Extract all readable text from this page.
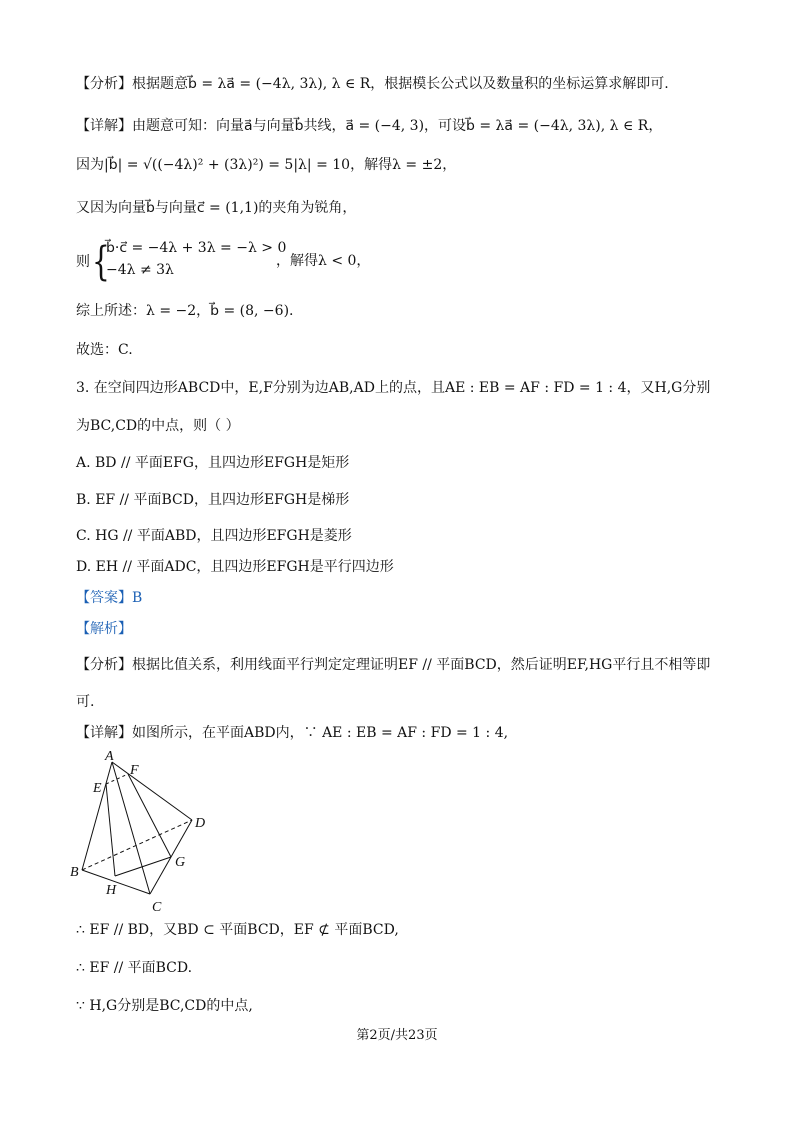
【分析】根据题意b⃗ = λa⃗ = (−4λ, 3λ), λ ∈ R，根据模长公式以及数量积的坐标运算求解即可.
【详解】由题意可知：向量a⃗与向量b⃗共线，a⃗ = (−4, 3)，可设b⃗ = λa⃗ = (−4λ, 3λ), λ ∈ R，
因为|b⃗| = √((−4λ)² + (3λ)²) = 5|λ| = 10，解得λ = ±2，
又因为向量b⃗与向量c⃗ = (1,1)的夹角为锐角，
则 {
b⃗·c⃗ = −4λ + 3λ = −λ > 0
−4λ ≠ 3λ
，解得λ < 0，
综上所述：λ = −2，b⃗ = (8, −6).
故选：C.
3. 在空间四边形ABCD中，E,F分别为边AB,AD上的点，且AE : EB = AF : FD = 1 : 4，又H,G分别
为BC,CD的中点，则（ ）
A. BD // 平面EFG，且四边形EFGH是矩形
B. EF // 平面BCD，且四边形EFGH是梯形
C. HG // 平面ABD，且四边形EFGH是菱形
D. EH // 平面ADC，且四边形EFGH是平行四边形
【答案】B
【解析】
【分析】根据比值关系，利用线面平行判定定理证明EF // 平面BCD，然后证明EF,HG平行且不相等即
可.
【详解】如图所示，在平面ABD内，∵ AE : EB = AF : FD = 1 : 4,
A
E
F
D
B
G
H
C
∴ EF // BD，又BD ⊂ 平面BCD，EF ⊄ 平面BCD,
∴ EF // 平面BCD.
∵ H,G分别是BC,CD的中点,
第2页/共23页
